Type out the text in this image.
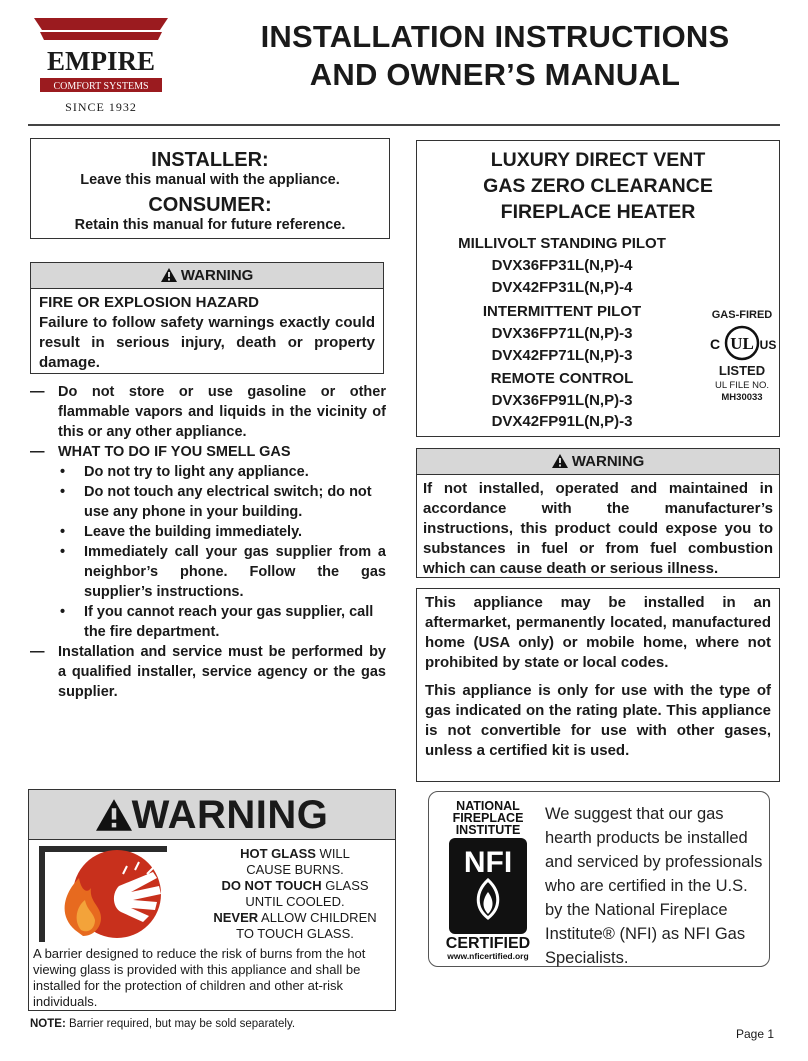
EMPIRE
COMFORT SYSTEMS
SINCE 1932
INSTALLATION INSTRUCTIONS
AND OWNER’S MANUAL
INSTALLER:
Leave this manual with the appliance.
CONSUMER:
Retain this manual for future reference.
WARNING
FIRE OR EXPLOSION HAZARD
Failure to follow safety warnings exactly could result in serious injury, death or property damage.
— Do not store or use gasoline or other flammable vapors and liquids in the vicinity of this or any other appliance.
— WHAT TO DO IF YOU SMELL GAS
• Do not try to light any appliance.
• Do not touch any electrical switch; do not use any phone in your building.
• Leave the building immediately.
• Immediately call your gas supplier from a neighbor’s phone. Follow the gas supplier’s instructions.
• If you cannot reach your gas supplier, call the fire department.
— Installation and service must be performed by a qualified installer, service agency or the gas supplier.
LUXURY DIRECT VENT
GAS ZERO CLEARANCE
FIREPLACE HEATER
MILLIVOLT STANDING PILOT
DVX36FP31L(N,P)-4
DVX42FP31L(N,P)-4
INTERMITTENT PILOT
DVX36FP71L(N,P)-3
DVX42FP71L(N,P)-3
REMOTE CONTROL
DVX36FP91L(N,P)-3
DVX42FP91L(N,P)-3
GAS-FIRED
UL
C	US
LISTED
UL FILE NO.
MH30033
WARNING
If not installed, operated and maintained in accordance with the manufacturer’s instructions, this product could expose you to substances in fuel or from fuel combustion which can cause death or serious illness.

This appliance may be installed in an aftermarket, permanently located, manufactured home (USA only) or mobile home, where not prohibited by state or local codes.

This appliance is only for use with the type of gas indicated on the rating plate. This appliance is not convertible for use with other gases, unless a certified kit is used.

WARNING
HOT GLASS WILL
CAUSE BURNS.
DO NOT TOUCH GLASS
UNTIL COOLED.
NEVER ALLOW CHILDREN
TO TOUCH GLASS.
A barrier designed to reduce the risk of burns from the hot viewing glass is provided with this appliance and shall be installed for the protection of children and other at-risk individuals.
NOTE: Barrier required, but may be sold separately.
NATIONAL
FIREPLACE
INSTITUTE
NFI
CERTIFIED
www.nficertified.org
We suggest that our gas hearth products be installed and serviced by professionals who are certified in the U.S. by the National Fireplace Institute® (NFI) as NFI Gas Specialists.
Page 1
